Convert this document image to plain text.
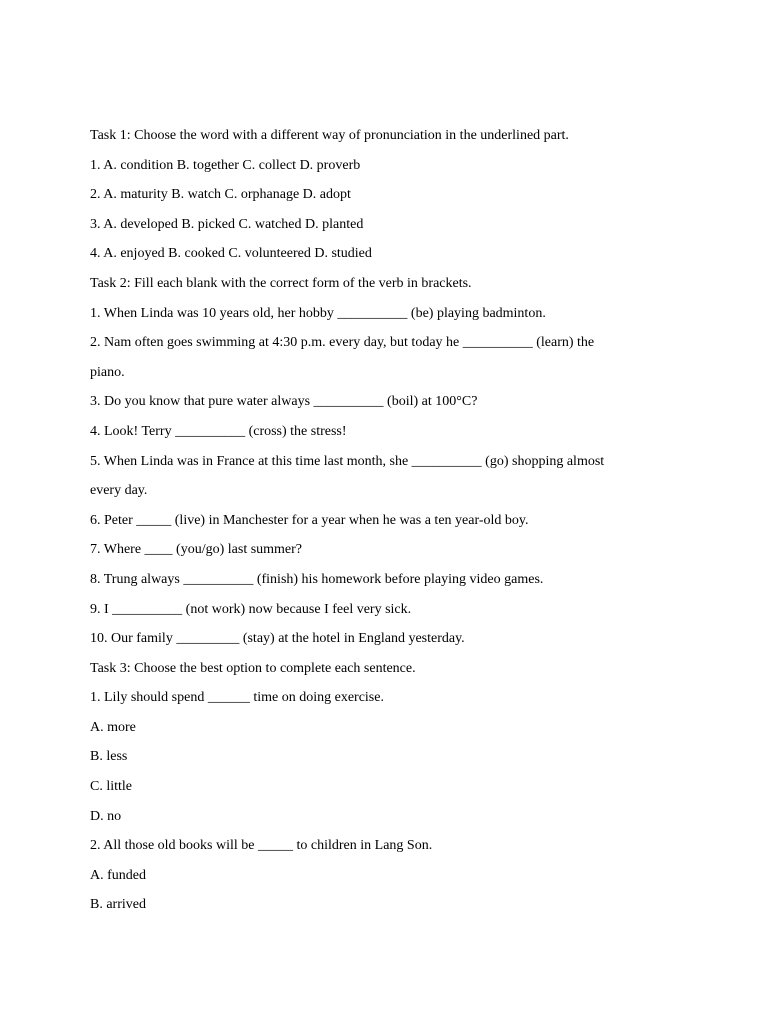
Task 1: Choose the word with a different way of pronunciation in the underlined part.
1. A. condition B. together C. collect D. proverb
2. A. maturity B. watch C. orphanage D. adopt
3. A. developed B. picked C. watched D. planted
4. A. enjoyed B. cooked C. volunteered D. studied
Task 2: Fill each blank with the correct form of the verb in brackets.
1. When Linda was 10 years old, her hobby __________ (be) playing badminton.
2. Nam often goes swimming at 4:30 p.m. every day, but today he __________ (learn) the
piano.
3. Do you know that pure water always __________ (boil) at 100°C?
4. Look! Terry __________ (cross) the stress!
5. When Linda was in France at this time last month, she __________ (go) shopping almost
every day.
6. Peter _____ (live) in Manchester for a year when he was a ten year-old boy.
7. Where ____ (you/go) last summer?
8. Trung always __________ (finish) his homework before playing video games.
9. I __________ (not work) now because I feel very sick.
10. Our family _________ (stay) at the hotel in England yesterday.
Task 3: Choose the best option to complete each sentence.
1. Lily should spend ______ time on doing exercise.
A. more
B. less
C. little
D. no
2. All those old books will be _____ to children in Lang Son.
A. funded
B. arrived
